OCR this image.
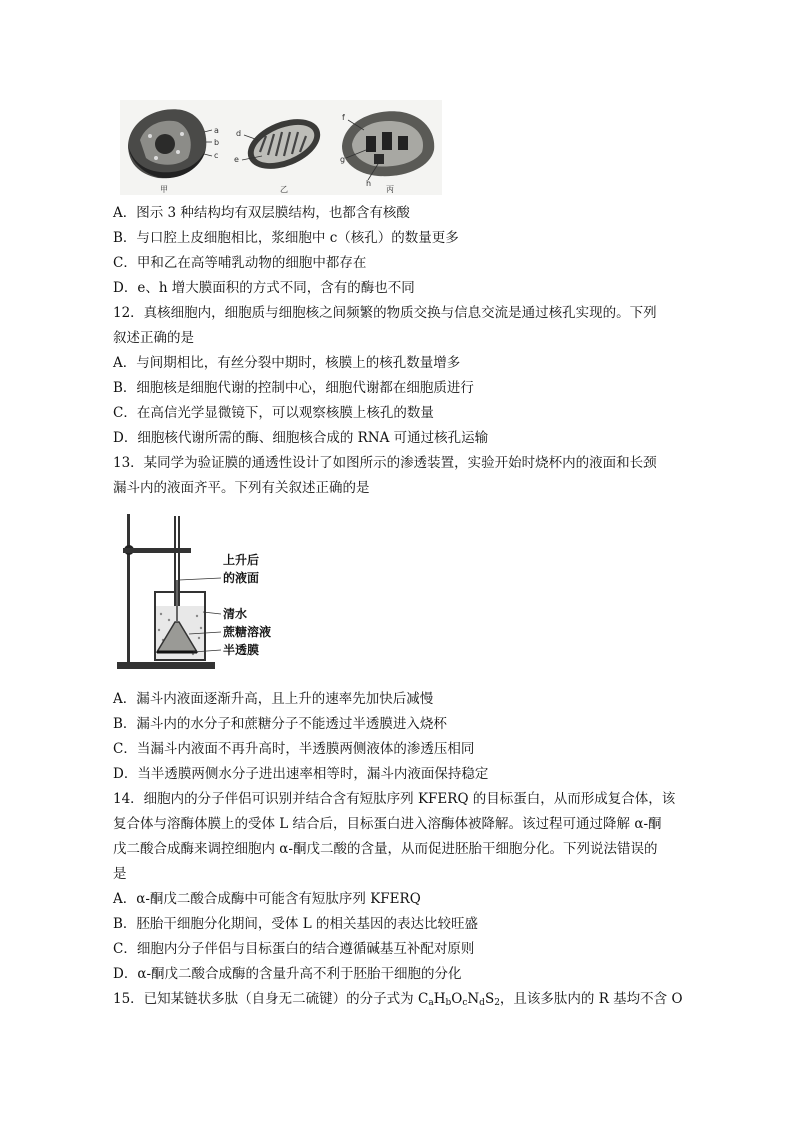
a
b
c
甲
d
e
乙
f
g
h
丙
A．图示 3 种结构均有双层膜结构，也都含有核酸
B．与口腔上皮细胞相比，浆细胞中 c（核孔）的数量更多
C．甲和乙在高等哺乳动物的细胞中都存在
D．e、h 增大膜面积的方式不同，含有的酶也不同
12．真核细胞内，细胞质与细胞核之间频繁的物质交换与信息交流是通过核孔实现的。下列
叙述正确的是
A．与间期相比，有丝分裂中期时，核膜上的核孔数量增多
B．细胞核是细胞代谢的控制中心，细胞代谢都在细胞质进行
C．在高信光学显微镜下，可以观察核膜上核孔的数量
D．细胞核代谢所需的酶、细胞核合成的 RNA 可通过核孔运输
13．某同学为验证膜的通透性设计了如图所示的渗透装置，实验开始时烧杯内的液面和长颈
漏斗内的液面齐平。下列有关叙述正确的是
上升后
的液面
清水
蔗糖溶液
半透膜
A．漏斗内液面逐渐升高，且上升的速率先加快后减慢
B．漏斗内的水分子和蔗糖分子不能透过半透膜进入烧杯
C．当漏斗内液面不再升高时，半透膜两侧液体的渗透压相同
D．当半透膜两侧水分子进出速率相等时，漏斗内液面保持稳定
14．细胞内的分子伴侣可识别并结合含有短肽序列 KFERQ 的目标蛋白，从而形成复合体，该
复合体与溶酶体膜上的受体 L 结合后，目标蛋白进入溶酶体被降解。该过程可通过降解 α-酮
戊二酸合成酶来调控细胞内 α-酮戊二酸的含量，从而促进胚胎干细胞分化。下列说法错误的
是
A．α-酮戊二酸合成酶中可能含有短肽序列 KFERQ
B．胚胎干细胞分化期间，受体 L 的相关基因的表达比较旺盛
C．细胞内分子伴侣与目标蛋白的结合遵循碱基互补配对原则
D．α-酮戊二酸合成酶的含量升高不利于胚胎干细胞的分化
15．已知某链状多肽（自身无二硫键）的分子式为 $C_aH_bO_cN_dS_2$，且该多肽内的 R 基均不含 O
